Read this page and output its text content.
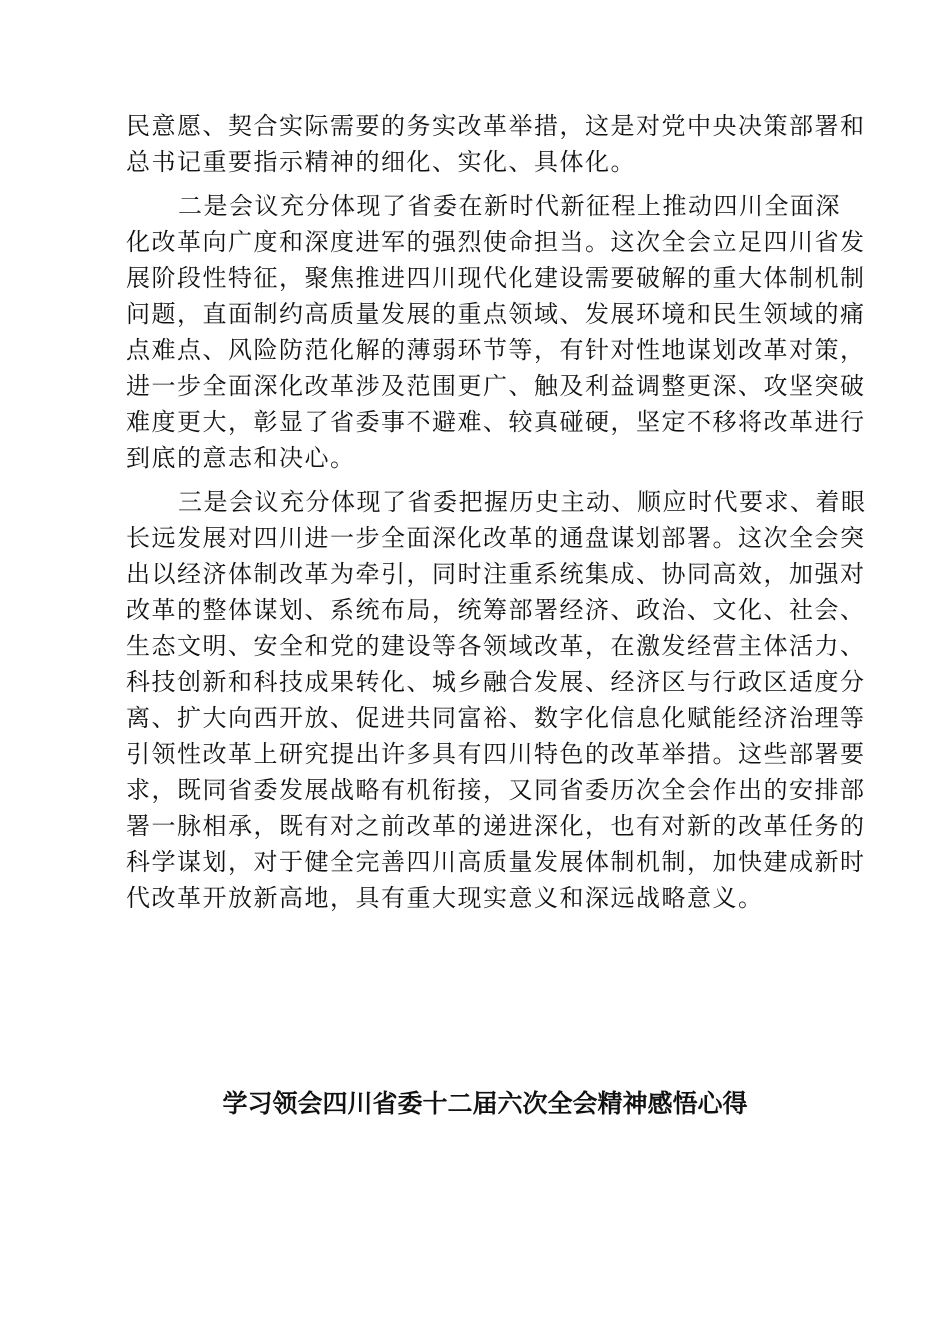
民意愿、契合实际需要的务实改革举措，这是对党中央决策部署和
总书记重要指示精神的细化、实化、具体化。
二是会议充分体现了省委在新时代新征程上推动四川全面深
化改革向广度和深度进军的强烈使命担当。这次全会立足四川省发
展阶段性特征，聚焦推进四川现代化建设需要破解的重大体制机制
问题，直面制约高质量发展的重点领域、发展环境和民生领域的痛
点难点、风险防范化解的薄弱环节等，有针对性地谋划改革对策，
进一步全面深化改革涉及范围更广、触及利益调整更深、攻坚突破
难度更大，彰显了省委事不避难、较真碰硬，坚定不移将改革进行
到底的意志和决心。
三是会议充分体现了省委把握历史主动、顺应时代要求、着眼
长远发展对四川进一步全面深化改革的通盘谋划部署。这次全会突
出以经济体制改革为牵引，同时注重系统集成、协同高效，加强对
改革的整体谋划、系统布局，统筹部署经济、政治、文化、社会、
生态文明、安全和党的建设等各领域改革，在激发经营主体活力、
科技创新和科技成果转化、城乡融合发展、经济区与行政区适度分
离、扩大向西开放、促进共同富裕、数字化信息化赋能经济治理等
引领性改革上研究提出许多具有四川特色的改革举措。这些部署要
求，既同省委发展战略有机衔接，又同省委历次全会作出的安排部
署一脉相承，既有对之前改革的递进深化，也有对新的改革任务的
科学谋划，对于健全完善四川高质量发展体制机制，加快建成新时
代改革开放新高地，具有重大现实意义和深远战略意义。
学习领会四川省委十二届六次全会精神感悟心得
